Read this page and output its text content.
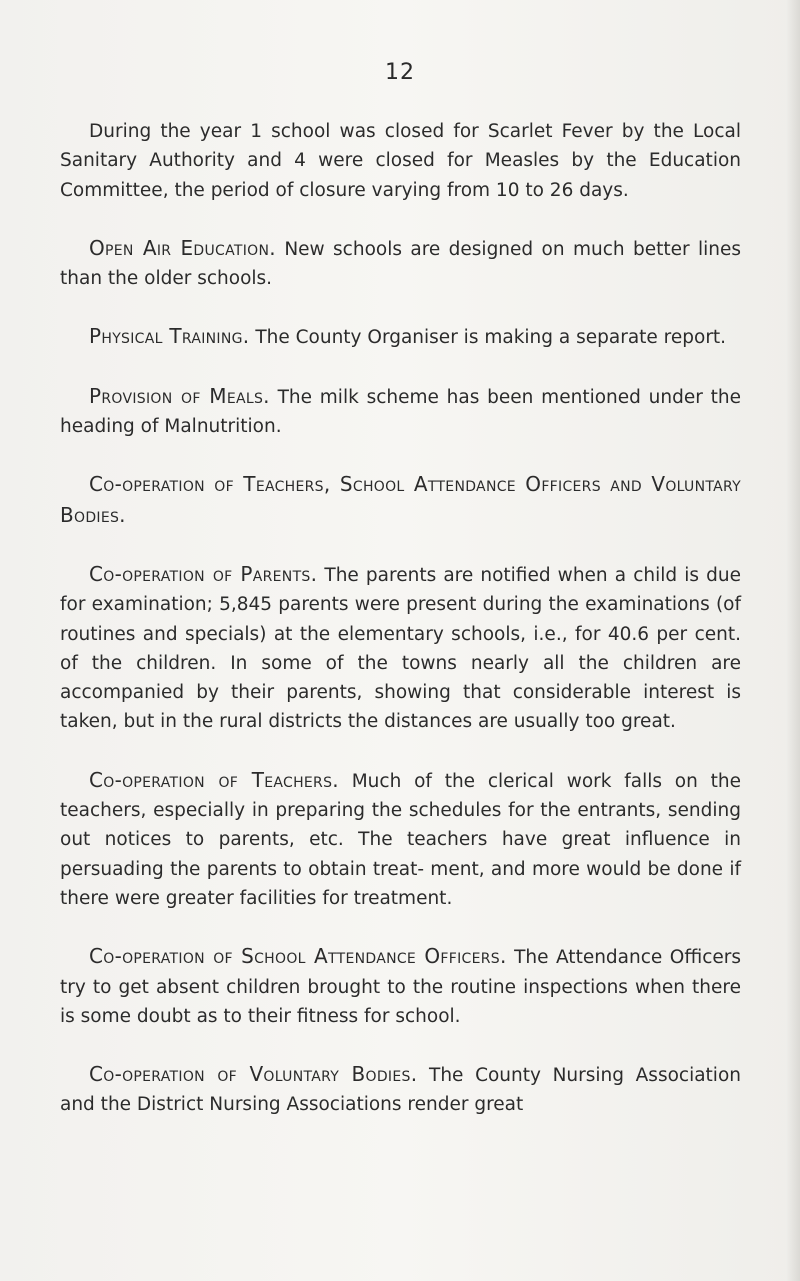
12

During the year 1 school was closed for Scarlet Fever by the Local Sanitary Authority and 4 were closed for Measles by the Education Committee, the period of closure varying from 10 to 26 days.

Open Air Education. New schools are designed on much better lines than the older schools.

Physical Training. The County Organiser is making a separate report.

Provision of Meals. The milk scheme has been mentioned under the heading of Malnutrition.

Co-operation of Teachers, School Attendance Officers and Voluntary Bodies.

Co-operation of Parents. The parents are notified when a child is due for examination; 5,845 parents were present during the examinations (of routines and specials) at the elementary schools, i.e., for 40.6 per cent. of the children. In some of the towns nearly all the children are accompanied by their parents, showing that considerable interest is taken, but in the rural districts the distances are usually too great.

Co-operation of Teachers. Much of the clerical work falls on the teachers, especially in preparing the schedules for the entrants, sending out notices to parents, etc. The teachers have great influence in persuading the parents to obtain treat- ment, and more would be done if there were greater facilities for treatment.

Co-operation of School Attendance Officers. The Attendance Officers try to get absent children brought to the routine inspections when there is some doubt as to their fitness for school.

Co-operation of Voluntary Bodies. The County Nursing Association and the District Nursing Associations render great
